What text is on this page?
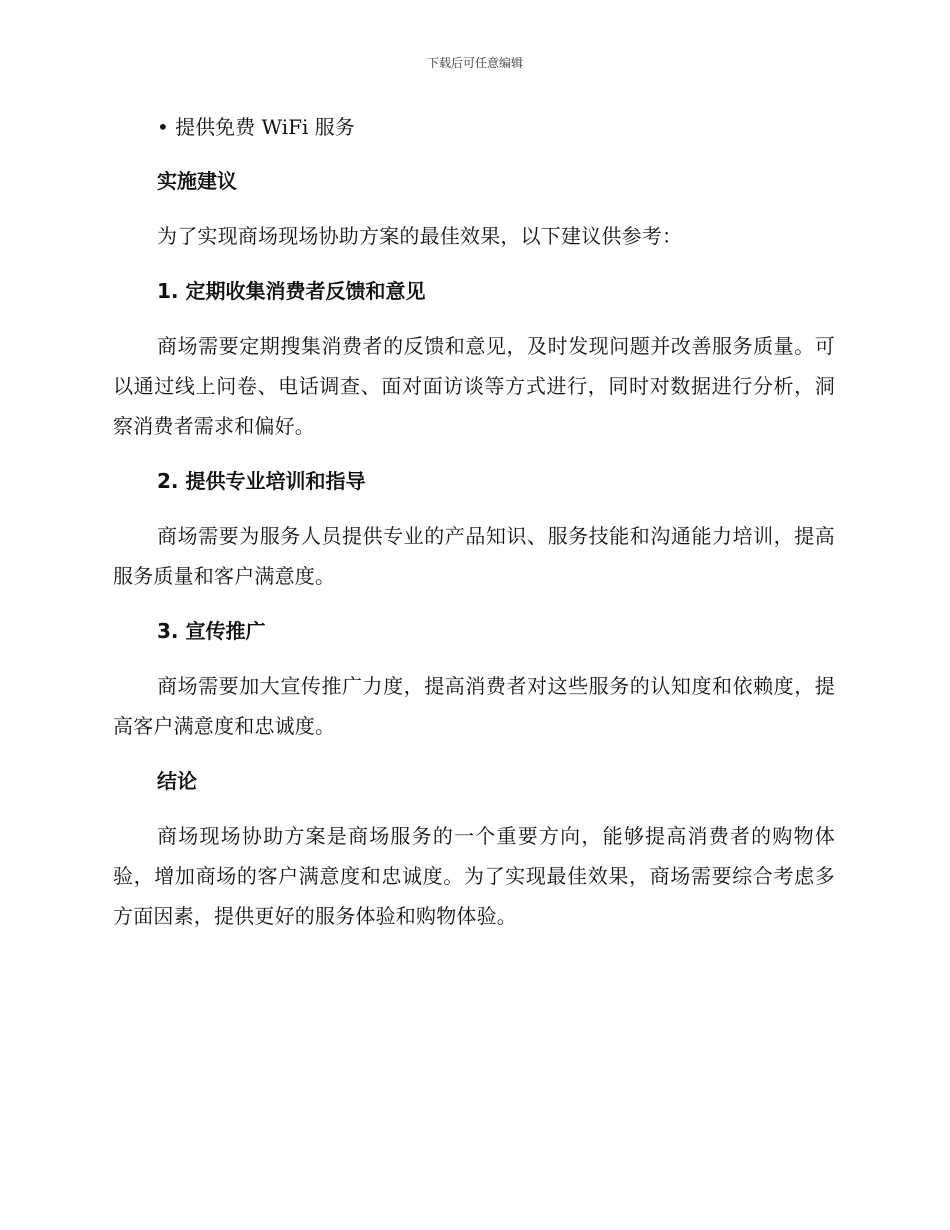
下载后可任意编辑

• 提供免费 WiFi 服务

实施建议

为了实现商场现场协助方案的最佳效果，以下建议供参考：

1. 定期收集消费者反馈和意见

商场需要定期搜集消费者的反馈和意见，及时发现问题并改善服务质量。可以通过线上问卷、电话调查、面对面访谈等方式进行，同时对数据进行分析，洞察消费者需求和偏好。

2. 提供专业培训和指导

商场需要为服务人员提供专业的产品知识、服务技能和沟通能力培训，提高服务质量和客户满意度。

3. 宣传推广

商场需要加大宣传推广力度，提高消费者对这些服务的认知度和依赖度，提高客户满意度和忠诚度。

结论

商场现场协助方案是商场服务的一个重要方向，能够提高消费者的购物体验，增加商场的客户满意度和忠诚度。为了实现最佳效果，商场需要综合考虑多方面因素，提供更好的服务体验和购物体验。
